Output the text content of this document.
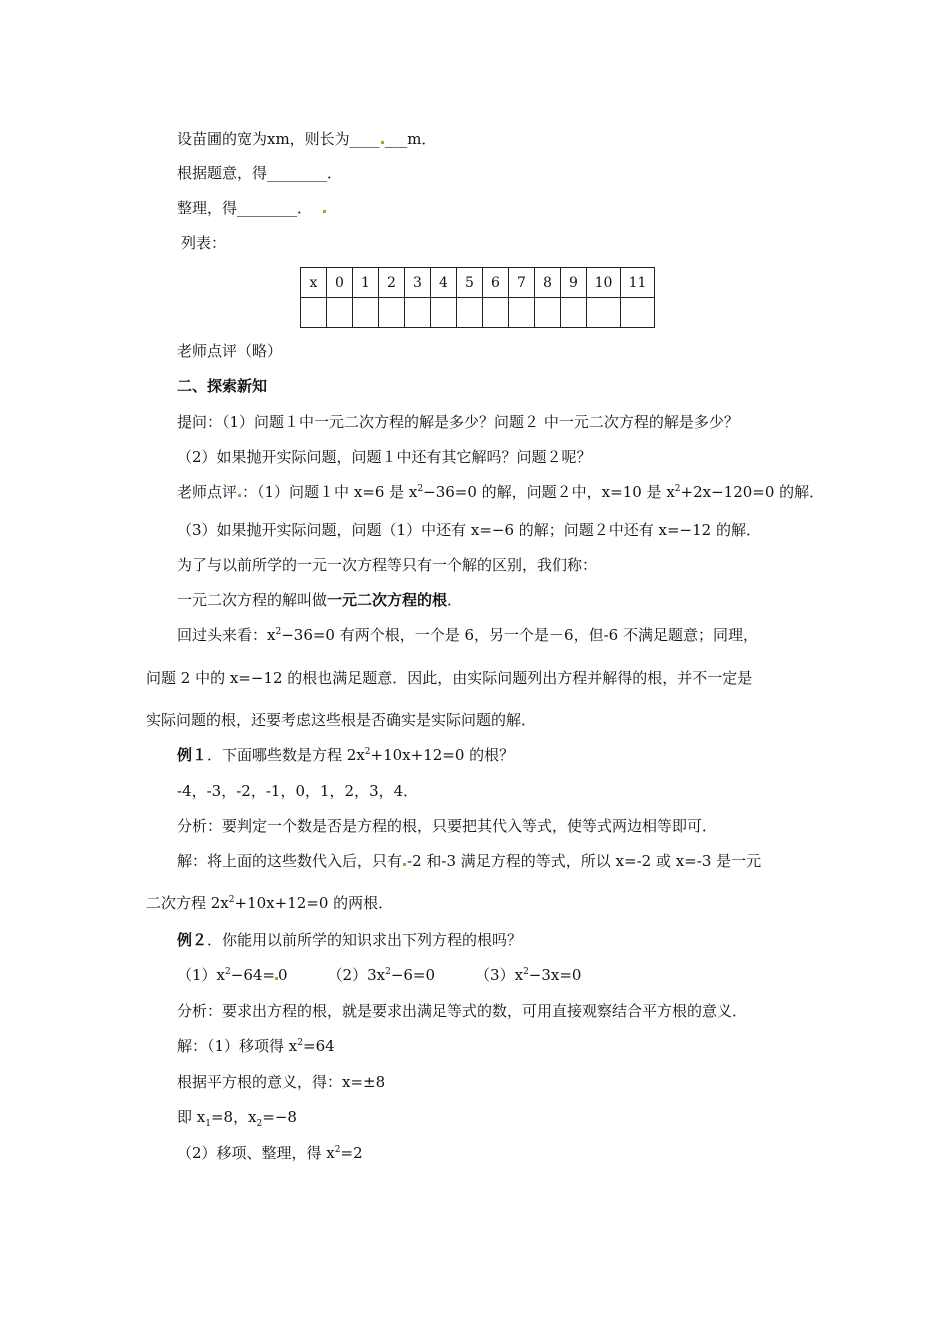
设苗圃的宽为xm，则长为____ ___m．
根据题意，得________．
整理，得________．
列表：
x	0	1	2	3	4	5	6	7	8	9	10	11

老师点评（略）
二、探索新知
提问：（1）问题１中一元二次方程的解是多少？问题２ 中一元二次方程的解是多少？
（2）如果抛开实际问题，问题１中还有其它解吗？问题２呢？
老师点评 ：（1）问题１中 x=6 是 $x^2-36=0$ 的解，问题２中，x=10 是 $x^2+2x-120=0$ 的解．
（3）如果抛开实际问题，问题（1）中还有 x=−6 的解；问题２中还有 x=−12 的解．
为了与以前所学的一元一次方程等只有一个解的区别，我们称：
一元二次方程的解叫做一元二次方程的根．
回过头来看：$x^2-36=0$ 有两个根，一个是 6，另一个是－6，但-6 不满足题意；同理，
问题 2 中的 x=−12 的根也满足题意．因此，由实际问题列出方程并解得的根，并不一定是
实际问题的根，还要考虑这些根是否确实是实际问题的解．
例１．下面哪些数是方程 $2x^2+10x+12=0$ 的根？
-4，-3，-2，-1，0，1，2，3，4．
分析：要判定一个数是否是方程的根，只要把其代入等式，使等式两边相等即可．
解：将上面的这些数代入后，只有 -2 和-3 满足方程的等式，所以 x=-2 或 x=-3 是一元
二次方程 $2x^2+10x+12=0$ 的两根．
例２．你能用以前所学的知识求出下列方程的根吗？
$(1)x^2-64= 0$	$(2)3x^2-6=0$	$(3)x^2-3x=0$
分析：要求出方程的根，就是要求出满足等式的数，可用直接观察结合平方根的意义．
解：（1）移项得 $x^2=64$
根据平方根的意义，得：x=±8
即 $x_1=8$，$x_2=-8$
（2）移项、整理，得 $x^2=2$
